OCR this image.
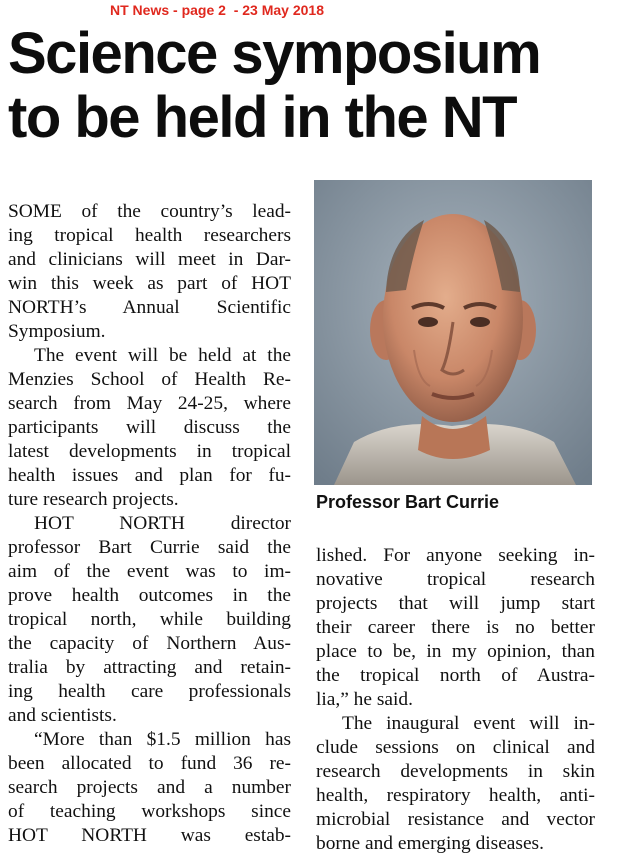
NT News - page 2  - 23 May 2018
Science symposium
to be held in the NT
SOME of the country’s lead-
ing tropical health researchers
and clinicians will meet in Dar-
win this week as part of HOT
NORTH’s Annual Scientific
Symposium.
The event will be held at the
Menzies School of Health Re-
search from May 24-25, where
participants will discuss the
latest developments in tropical
health issues and plan for fu-
ture research projects.
HOT NORTH director
professor Bart Currie said the
aim of the event was to im-
prove health outcomes in the
tropical north, while building
the capacity of Northern Aus-
tralia by attracting and retain-
ing health care professionals
and scientists.
“More than $1.5 million has
been allocated to fund 36 re-
search projects and a number
of teaching workshops since
HOT NORTH was estab-
Professor Bart Currie
lished. For anyone seeking in-
novative tropical research
projects that will jump start
their career there is no better
place to be, in my opinion, than
the tropical north of Austra-
lia,” he said.
The inaugural event will in-
clude sessions on clinical and
research developments in skin
health, respiratory health, anti-
microbial resistance and vector
borne and emerging diseases.
